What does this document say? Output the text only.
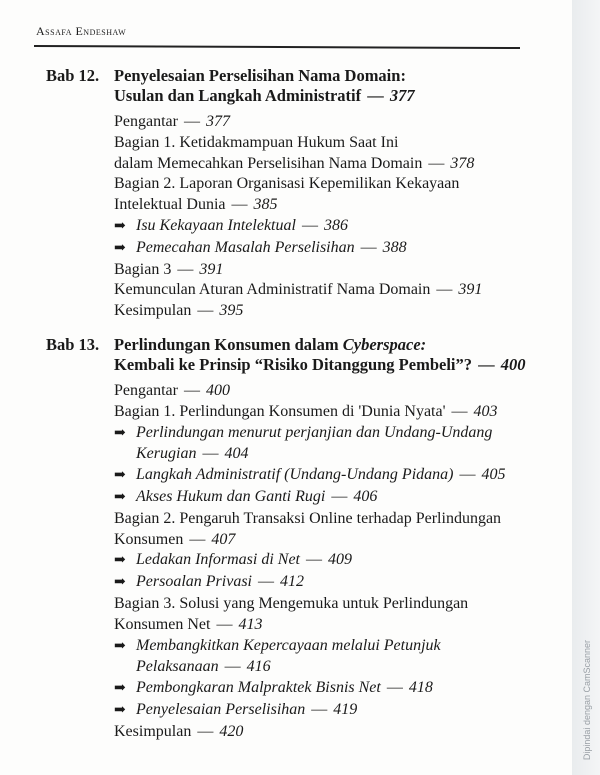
Assafa Endeshaw
Bab 12. Penyelesaian Perselisihan Nama Domain:
Usulan dan Langkah Administratif — 377
Pengantar — 377
Bagian 1. Ketidakmampuan Hukum Saat Ini
dalam Memecahkan Perselisihan Nama Domain — 378
Bagian 2. Laporan Organisasi Kepemilikan Kekayaan
Intelektual Dunia — 385
➡ Isu Kekayaan Intelektual — 386
➡ Pemecahan Masalah Perselisihan — 388
Bagian 3 — 391
Kemunculan Aturan Administratif Nama Domain — 391
Kesimpulan — 395
Bab 13. Perlindungan Konsumen dalam Cyberspace:
Kembali ke Prinsip “Risiko Ditanggung Pembeli”? — 400
Pengantar — 400
Bagian 1. Perlindungan Konsumen di 'Dunia Nyata' — 403
➡ Perlindungan menurut perjanjian dan Undang-Undang
Kerugian — 404
➡ Langkah Administratif (Undang-Undang Pidana) — 405
➡ Akses Hukum dan Ganti Rugi — 406
Bagian 2. Pengaruh Transaksi Online terhadap Perlindungan
Konsumen — 407
➡ Ledakan Informasi di Net — 409
➡ Persoalan Privasi — 412
Bagian 3. Solusi yang Mengemuka untuk Perlindungan
Konsumen Net — 413
➡ Membangkitkan Kepercayaan melalui Petunjuk
Pelaksanaan — 416
➡ Pembongkaran Malpraktek Bisnis Net — 418
➡ Penyelesaian Perselisihan — 419
Kesimpulan — 420	Dipindai dengan CamScanner
